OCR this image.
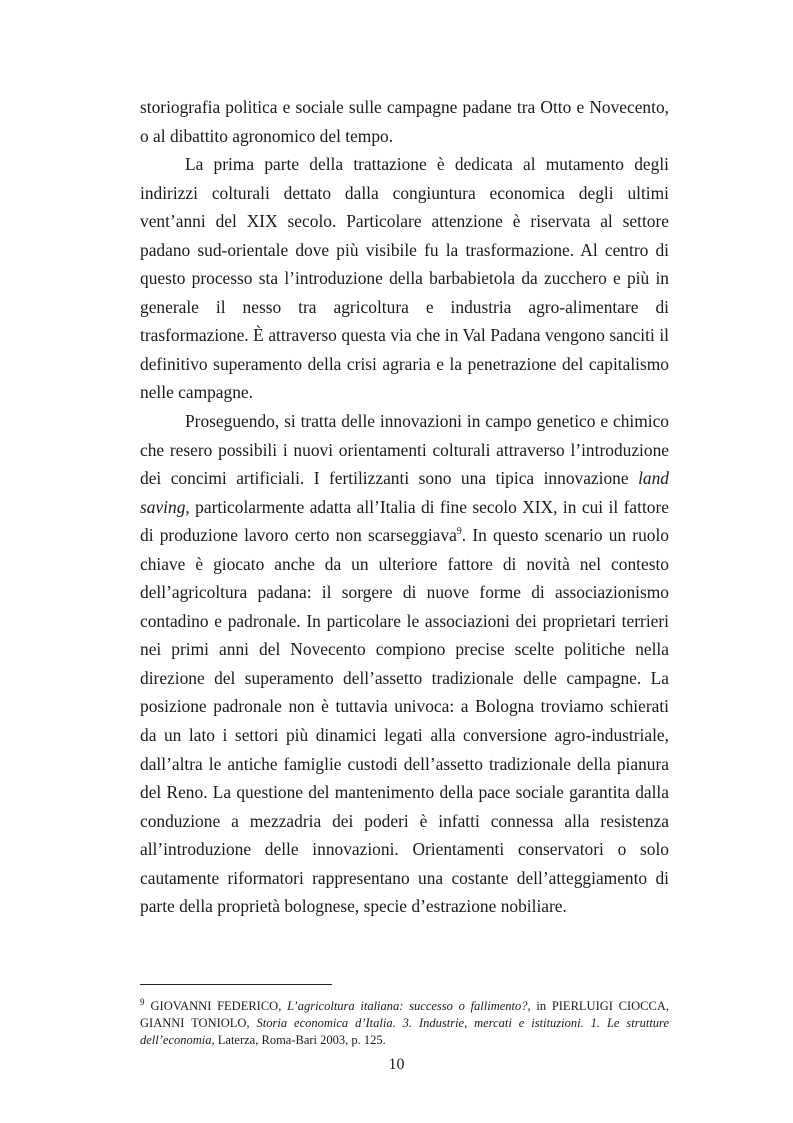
storiografia politica e sociale sulle campagne padane tra Otto e Novecento, o al dibattito agronomico del tempo.

La prima parte della trattazione è dedicata al mutamento degli indirizzi colturali dettato dalla congiuntura economica degli ultimi vent’anni del XIX secolo. Particolare attenzione è riservata al settore padano sud-orientale dove più visibile fu la trasformazione. Al centro di questo processo sta l’introduzione della barbabietola da zucchero e più in generale il nesso tra agricoltura e industria agro-alimentare di trasformazione. È attraverso questa via che in Val Padana vengono sanciti il definitivo superamento della crisi agraria e la penetrazione del capitalismo nelle campagne.

Proseguendo, si tratta delle innovazioni in campo genetico e chimico che resero possibili i nuovi orientamenti colturali attraverso l’introduzione dei concimi artificiali. I fertilizzanti sono una tipica innovazione land saving, particolarmente adatta all’Italia di fine secolo XIX, in cui il fattore di produzione lavoro certo non scarseggiava$^9$. In questo scenario un ruolo chiave è giocato anche da un ulteriore fattore di novità nel contesto dell’agricoltura padana: il sorgere di nuove forme di associazionismo contadino e padronale. In particolare le associazioni dei proprietari terrieri nei primi anni del Novecento compiono precise scelte politiche nella direzione del superamento dell’assetto tradizionale delle campagne. La posizione padronale non è tuttavia univoca: a Bologna troviamo schierati da un lato i settori più dinamici legati alla conversione agro-industriale, dall’altra le antiche famiglie custodi dell’assetto tradizionale della pianura del Reno. La questione del mantenimento della pace sociale garantita dalla conduzione a mezzadria dei poderi è infatti connessa alla resistenza all’introduzione delle innovazioni. Orientamenti conservatori o solo cautamente riformatori rappresentano una costante dell’atteggiamento di parte della proprietà bolognese, specie d’estrazione nobiliare.

$^9$ GIOVANNI FEDERICO, L’agricoltura italiana: successo o fallimento?, in PIERLUIGI CIOCCA, GIANNI TONIOLO, Storia economica d’Italia. 3. Industrie, mercati e istituzioni. 1. Le strutture dell’economia, Laterza, Roma-Bari 2003, p. 125.
10
